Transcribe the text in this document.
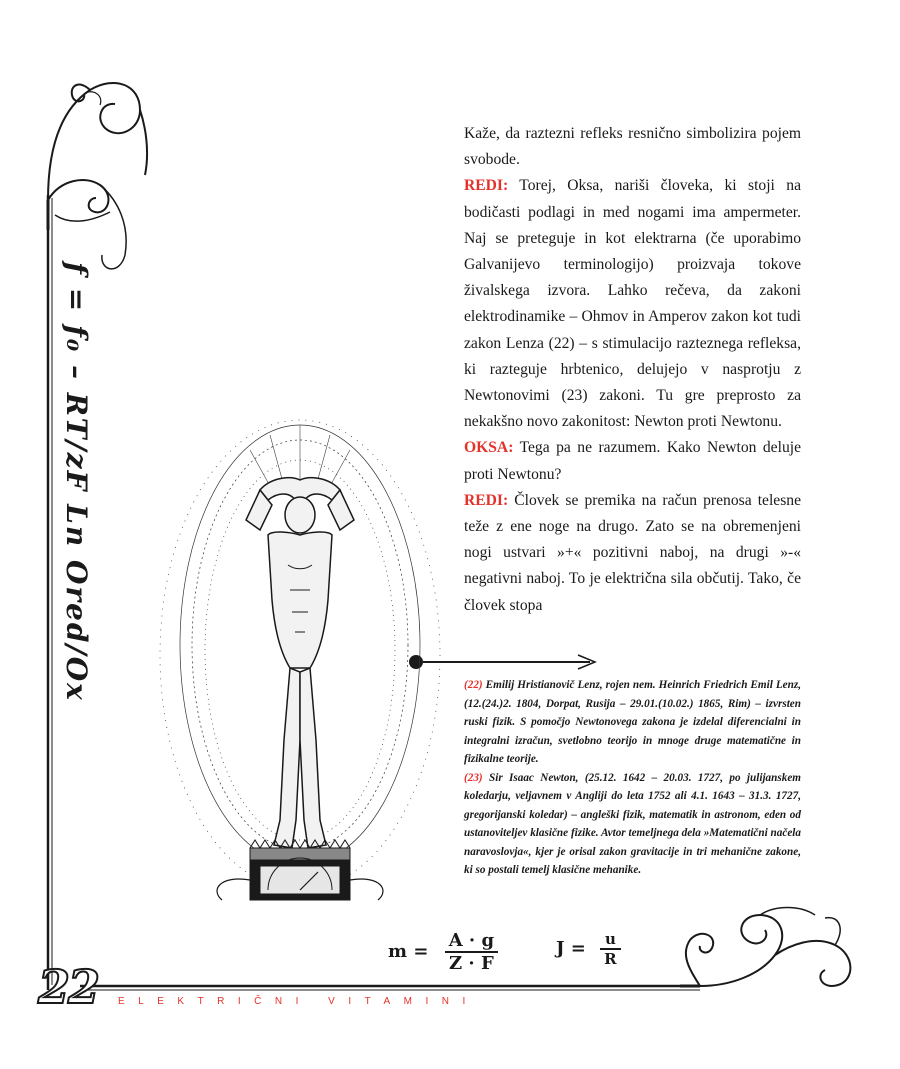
f = f₀ – RT/zF Ln Ored/Ox

Kaže, da raztezni refleks resnično simbolizira pojem svobode.

REDI: Torej, Oksa, nariši človeka, ki stoji na bodičasti podlagi in med nogami ima ampermeter. Naj se preteguje in kot elektrarna (če uporabimo Galvanijevo terminologijo) proizvaja tokove živalskega izvora. Lahko rečeva, da zakoni elektrodinamike – Ohmov in Amperov zakon kot tudi zakon Lenza (22) – s stimulacijo razteznega refleksa, ki razteguje hrbtenico, delujejo v nasprotju z Newtonovimi (23) zakoni. Tu gre preprosto za nekakšno novo zakonitost: Newton proti Newtonu.

OKSA: Tega pa ne razumem. Kako Newton deluje proti Newtonu?

REDI: Človek se premika na račun prenosa telesne teže z ene noge na drugo. Zato se na obremenjeni nogi ustvari »+« pozitivni naboj, na drugi »-« negativni naboj. To je električna sila občutij. Tako, če človek stopa

(22) Emilij Hristianovič Lenz, rojen nem. Heinrich Friedrich Emil Lenz, (12.(24.)2. 1804, Dorpat, Rusija – 29.01.(10.02.) 1865, Rim) – izvrsten ruski fizik. S pomočjo Newtonovega zakona je izdelal diferencialni in integralni izračun, svetlobno teorijo in mnoge druge matematične in fizikalne teorije.

(23) Sir Isaac Newton, (25.12. 1642 – 20.03. 1727, po julijanskem koledarju, veljavnem v Angliji do leta 1752 ali 4.1. 1643 – 31.3. 1727, gregorijanski koledar) – angleški fizik, matematik in astronom, eden od ustanoviteljev klasične fizike. Avtor temeljnega dela »Matematični načela naravoslovja«, kjer je orisal zakon gravitacije in tri mehanične zakone, ki so postali temelj klasične mehanike.

$m = \frac{A \cdot g}{Z \cdot F}$	$J = \frac{u}{R}$
22 ELEKTRIČNI VITAMINI
